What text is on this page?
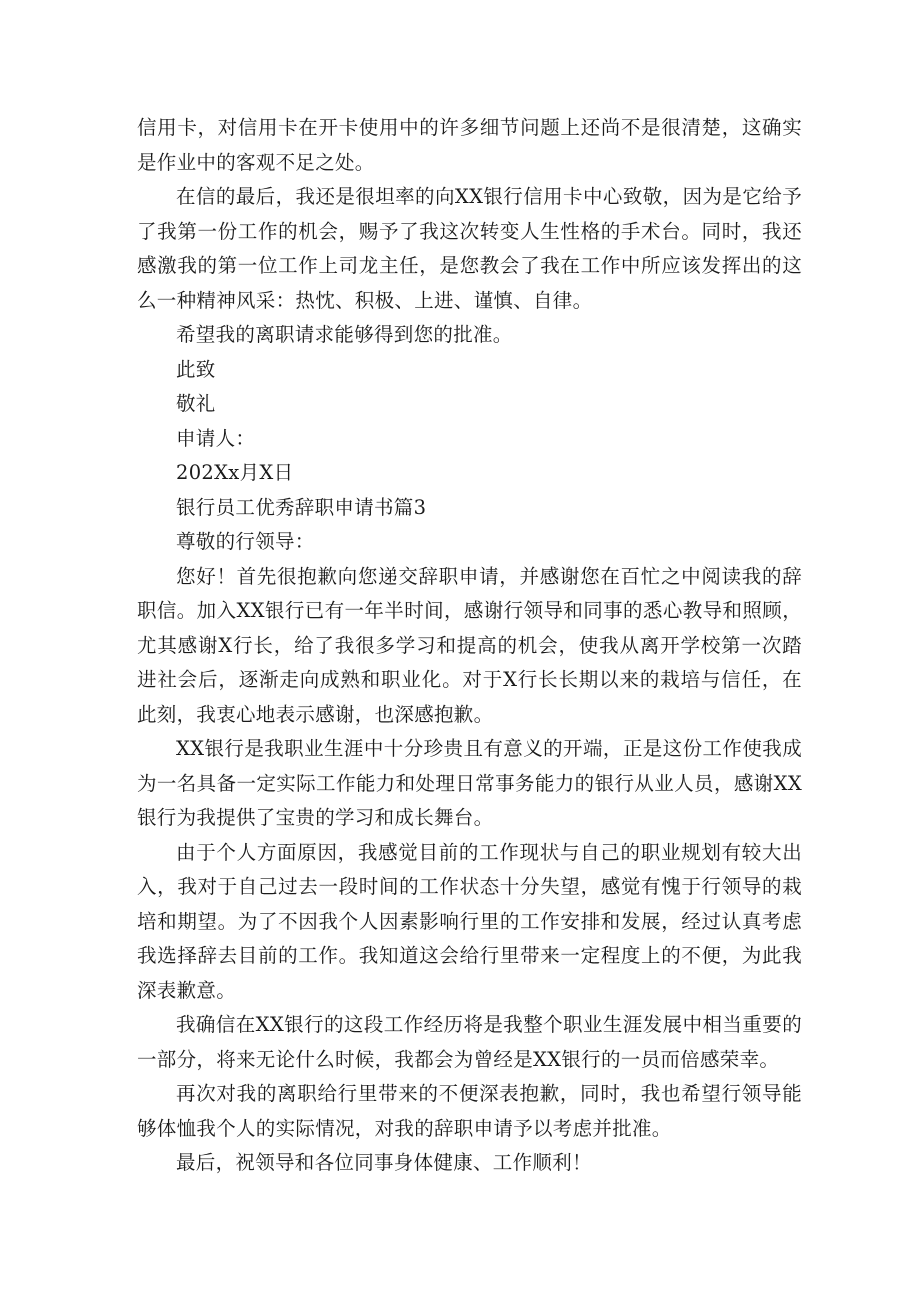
信用卡，对信用卡在开卡使用中的许多细节问题上还尚不是很清楚，这确实是作业中的客观不足之处。

在信的最后，我还是很坦率的向XX银行信用卡中心致敬，因为是它给予了我第一份工作的机会，赐予了我这次转变人生性格的手术台。同时，我还感激我的第一位工作上司龙主任，是您教会了我在工作中所应该发挥出的这么一种精神风采：热忱、积极、上进、谨慎、自律。

希望我的离职请求能够得到您的批准。

此致

敬礼

申请人：

202Xx月X日

银行员工优秀辞职申请书篇3

尊敬的行领导：

您好！首先很抱歉向您递交辞职申请，并感谢您在百忙之中阅读我的辞职信。加入XX银行已有一年半时间，感谢行领导和同事的悉心教导和照顾，尤其感谢X行长，给了我很多学习和提高的机会，使我从离开学校第一次踏进社会后，逐渐走向成熟和职业化。对于X行长长期以来的栽培与信任，在此刻，我衷心地表示感谢，也深感抱歉。

XX银行是我职业生涯中十分珍贵且有意义的开端，正是这份工作使我成为一名具备一定实际工作能力和处理日常事务能力的银行从业人员，感谢XX银行为我提供了宝贵的学习和成长舞台。

由于个人方面原因，我感觉目前的工作现状与自己的职业规划有较大出入，我对于自己过去一段时间的工作状态十分失望，感觉有愧于行领导的栽培和期望。为了不因我个人因素影响行里的工作安排和发展，经过认真考虑我选择辞去目前的工作。我知道这会给行里带来一定程度上的不便，为此我深表歉意。

我确信在XX银行的这段工作经历将是我整个职业生涯发展中相当重要的一部分，将来无论什么时候，我都会为曾经是XX银行的一员而倍感荣幸。

再次对我的离职给行里带来的不便深表抱歉，同时，我也希望行领导能够体恤我个人的实际情况，对我的辞职申请予以考虑并批准。

最后，祝领导和各位同事身体健康、工作顺利！
